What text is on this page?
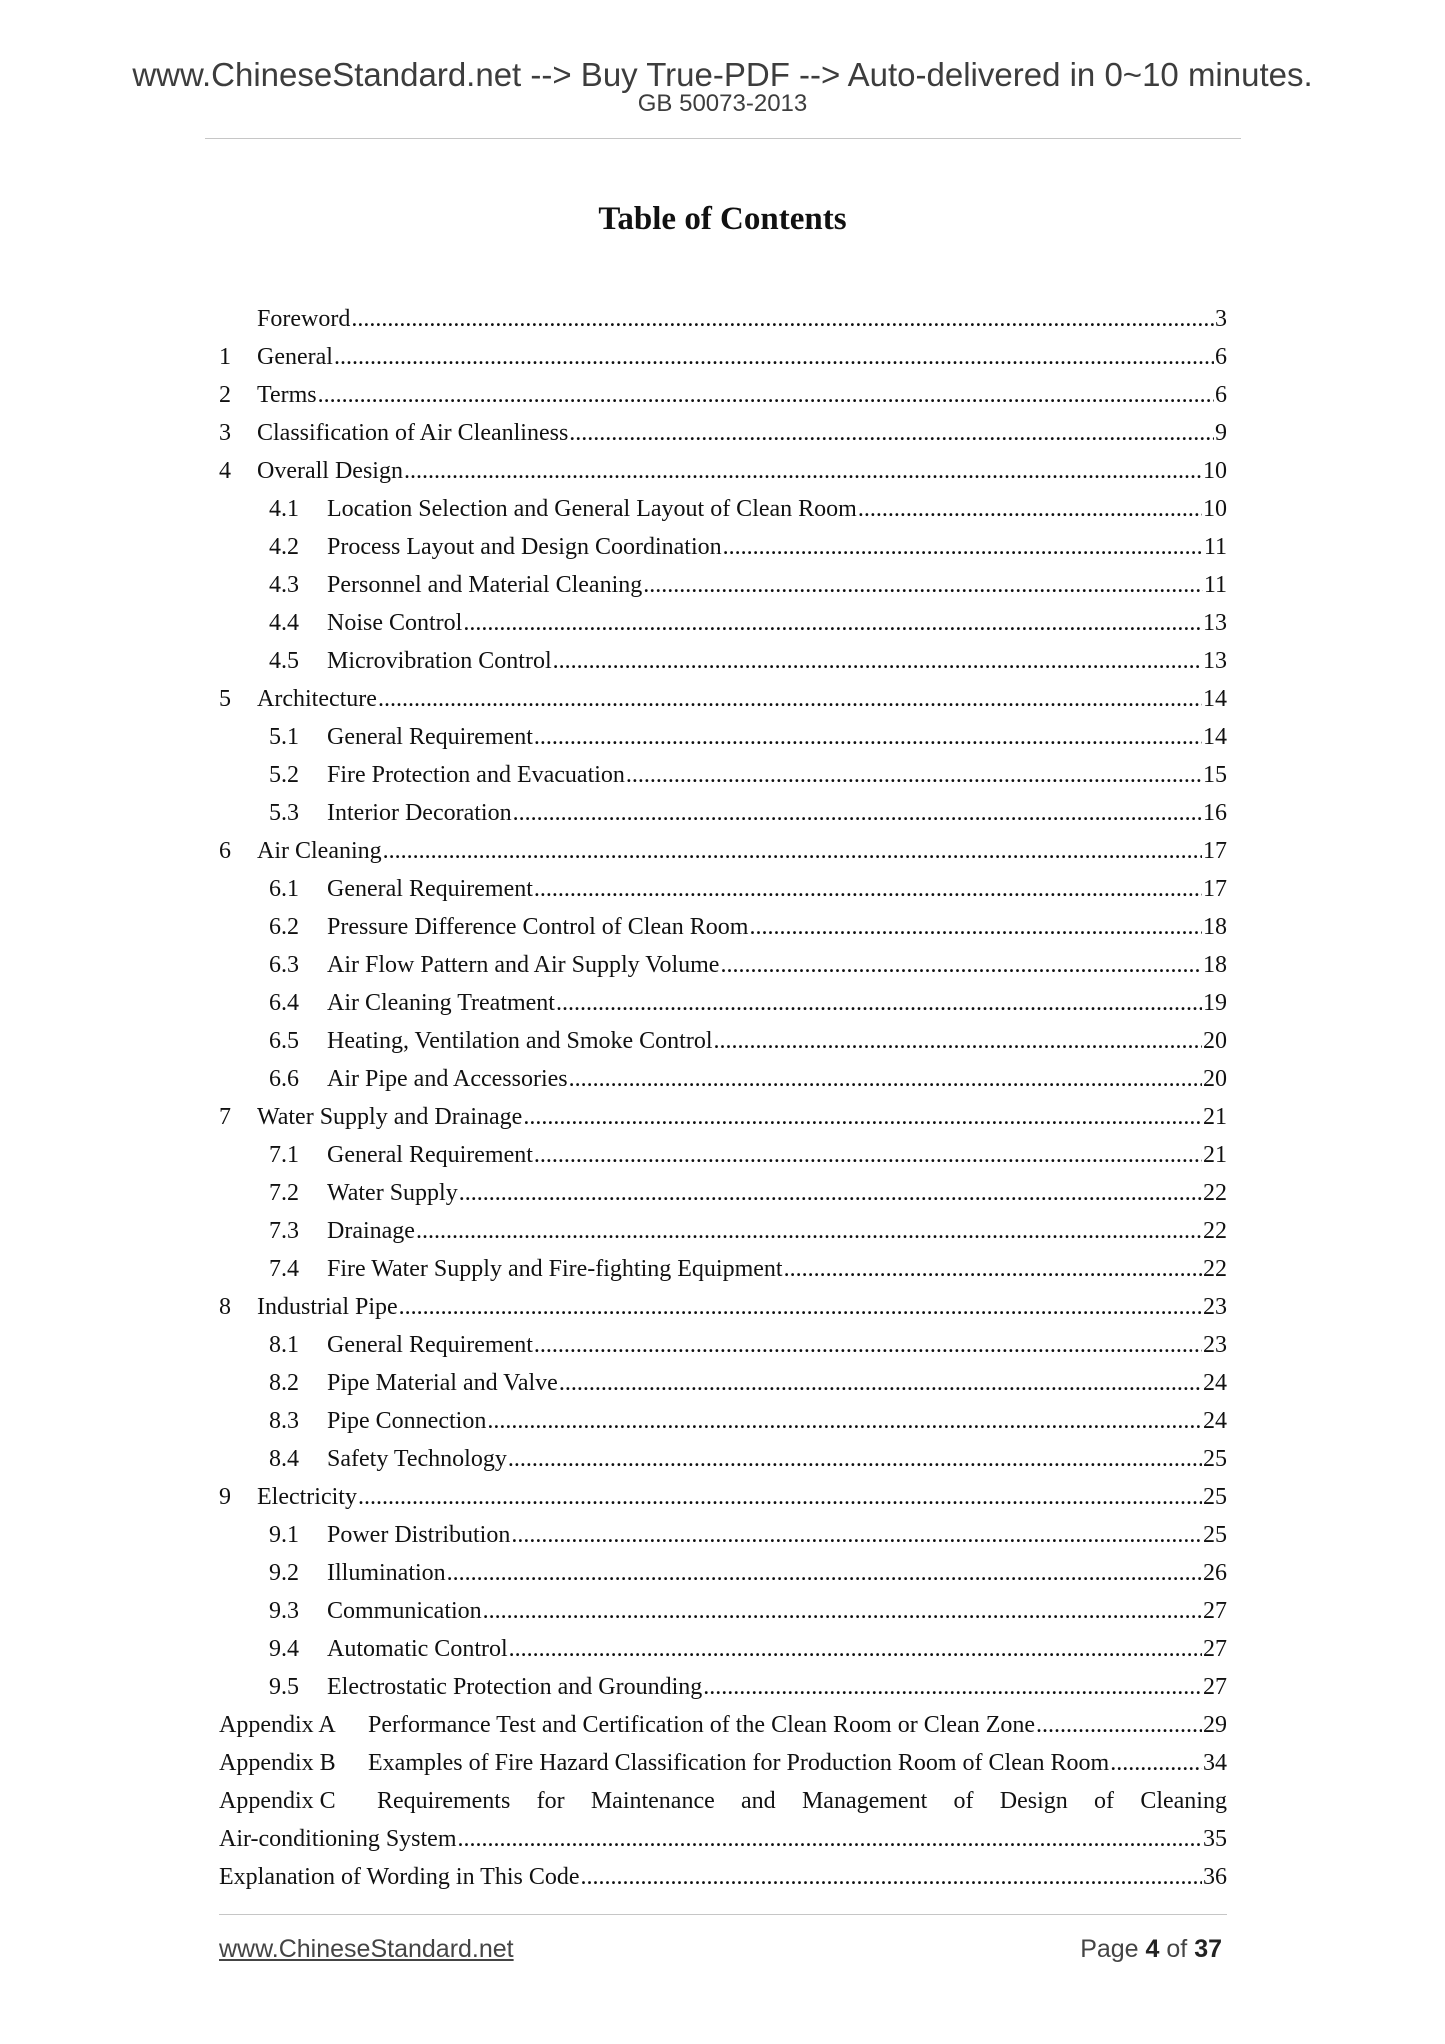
www.ChineseStandard.net --> Buy True-PDF --> Auto-delivered in 0~10 minutes.
GB 50073-2013
Table of Contents
Foreword .....	3
1	General .....	6
2	Terms .....	6
3	Classification of Air Cleanliness .....	9
4	Overall Design .....	10
4.1	Location Selection and General Layout of Clean Room .....	10
4.2	Process Layout and Design Coordination .....	11
4.3	Personnel and Material Cleaning .....	11
4.4	Noise Control .....	13
4.5	Microvibration Control .....	13
5	Architecture .....	14
5.1	General Requirement .....	14
5.2	Fire Protection and Evacuation .....	15
5.3	Interior Decoration .....	16
6	Air Cleaning .....	17
6.1	General Requirement .....	17
6.2	Pressure Difference Control of Clean Room .....	18
6.3	Air Flow Pattern and Air Supply Volume .....	18
6.4	Air Cleaning Treatment .....	19
6.5	Heating, Ventilation and Smoke Control .....	20
6.6	Air Pipe and Accessories .....	20
7	Water Supply and Drainage .....	21
7.1	General Requirement .....	21
7.2	Water Supply .....	22
7.3	Drainage .....	22
7.4	Fire Water Supply and Fire-fighting Equipment .....	22
8	Industrial Pipe .....	23
8.1	General Requirement .....	23
8.2	Pipe Material and Valve .....	24
8.3	Pipe Connection .....	24
8.4	Safety Technology .....	25
9	Electricity .....	25
9.1	Power Distribution .....	25
9.2	Illumination .....	26
9.3	Communication .....	27
9.4	Automatic Control .....	27
9.5	Electrostatic Protection and Grounding .....	27
Appendix A	Performance Test and Certification of the Clean Room or Clean Zone .....	29
Appendix B	Examples of Fire Hazard Classification for Production Room of Clean Room .....	34
Appendix C	Requirements for Maintenance and Management of Design of Cleaning
Air-conditioning System .....	35
Explanation of Wording in This Code .....	36
www.ChineseStandard.net	Page 4 of 37
